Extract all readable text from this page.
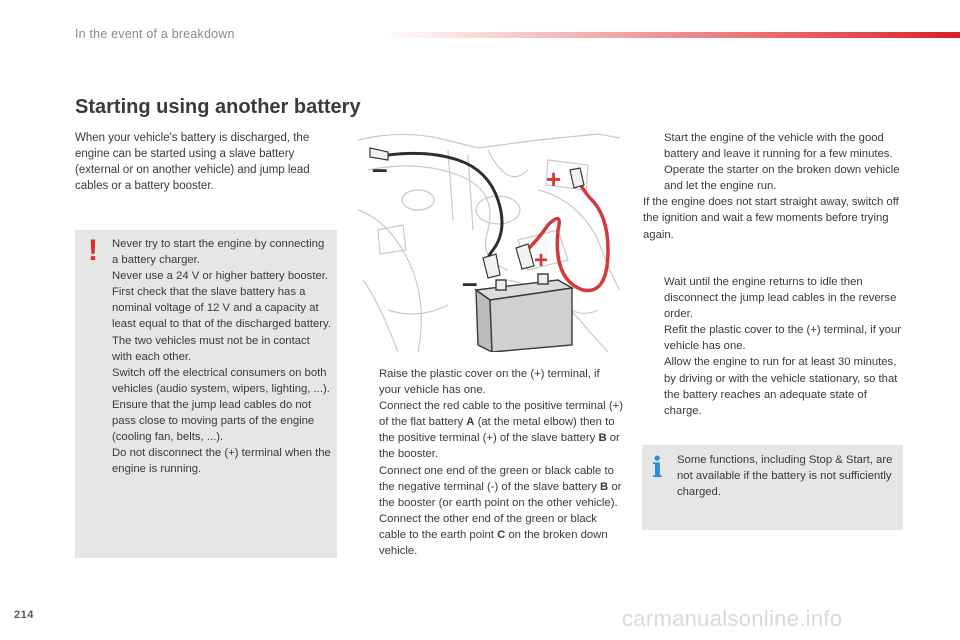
In the event of a breakdown
Starting using another battery

When your vehicle's battery is discharged, the engine can be started using a slave battery (external or on another vehicle) and jump lead cables or a battery booster.

! Never try to start the engine by connecting a battery charger.
Never use a 24 V or higher battery booster.
First check that the slave battery has a nominal voltage of 12 V and a capacity at least equal to that of the discharged battery.
The two vehicles must not be in contact with each other.
Switch off the electrical consumers on both vehicles (audio system, wipers, lighting, ...).
Ensure that the jump lead cables do not pass close to moving parts of the engine (cooling fan, belts, ...).
Do not disconnect the (+) terminal when the engine is running.
+
+
–
–
Raise the plastic cover on the (+) terminal, if your vehicle has one.
Connect the red cable to the positive terminal (+) of the flat battery A (at the metal elbow) then to the positive terminal (+) of the slave battery B or the booster.
Connect one end of the green or black cable to the negative terminal (-) of the slave battery B or the booster (or earth point on the other vehicle).
Connect the other end of the green or black cable to the earth point C on the broken down vehicle.
Start the engine of the vehicle with the good battery and leave it running for a few minutes.
Operate the starter on the broken down vehicle and let the engine run.
If the engine does not start straight away, switch off the ignition and wait a few moments before trying again.
Wait until the engine returns to idle then disconnect the jump lead cables in the reverse order.
Refit the plastic cover to the (+) terminal, if your vehicle has one.
Allow the engine to run for at least 30 minutes, by driving or with the vehicle stationary, so that the battery reaches an adequate state of charge.
i Some functions, including Stop & Start, are not available if the battery is not sufficiently charged.
214	carmanualsonline.info
